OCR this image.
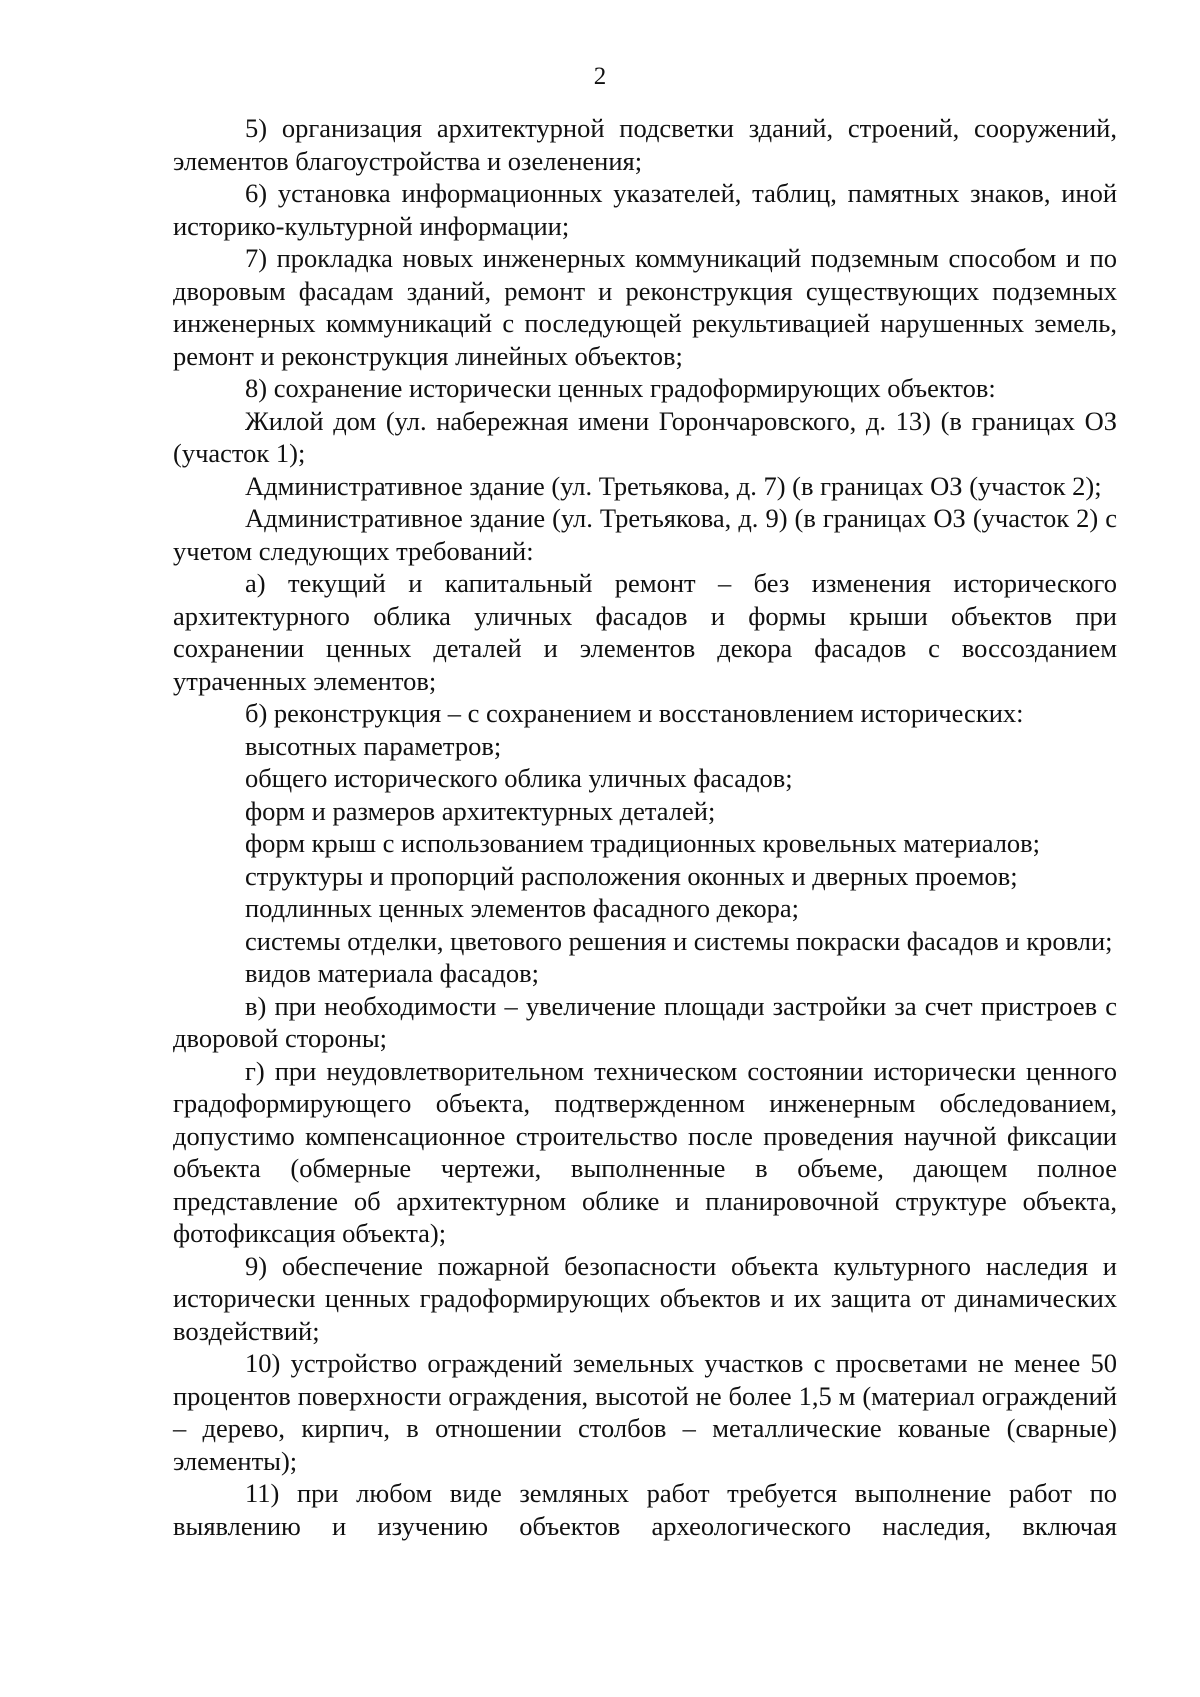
2

5) организация архитектурной подсветки зданий, строений, сооружений, элементов благоустройства и озеленения;

6) установка информационных указателей, таблиц, памятных знаков, иной историко-культурной информации;

7) прокладка новых инженерных коммуникаций подземным способом и по дворовым фасадам зданий, ремонт и реконструкция существующих подземных инженерных коммуникаций с последующей рекультивацией нарушенных земель, ремонт и реконструкция линейных объектов;

8) сохранение исторически ценных градоформирующих объектов:

Жилой дом (ул. набережная имени Горончаровского, д. 13) (в границах ОЗ (участок 1);

Административное здание (ул. Третьякова, д. 7) (в границах ОЗ (участок 2);

Административное здание (ул. Третьякова, д. 9) (в границах ОЗ (участок 2) с учетом следующих требований:

а) текущий и капитальный ремонт – без изменения исторического архитектурного облика уличных фасадов и формы крыши объектов при сохранении ценных деталей и элементов декора фасадов с воссозданием утраченных элементов;

б) реконструкция – с сохранением и восстановлением исторических:

высотных параметров;

общего исторического облика уличных фасадов;

форм и размеров архитектурных деталей;

форм крыш с использованием традиционных кровельных материалов;

структуры и пропорций расположения оконных и дверных проемов;

подлинных ценных элементов фасадного декора;

системы отделки, цветового решения и системы покраски фасадов и кровли;

видов материала фасадов;

в) при необходимости – увеличение площади застройки за счет пристроев с дворовой стороны;

г) при неудовлетворительном техническом состоянии исторически ценного градоформирующего объекта, подтвержденном инженерным обследованием, допустимо компенсационное строительство после проведения научной фиксации объекта (обмерные чертежи, выполненные в объеме, дающем полное представление об архитектурном облике и планировочной структуре объекта, фотофиксация объекта);

9) обеспечение пожарной безопасности объекта культурного наследия и исторически ценных градоформирующих объектов и их защита от динамических воздействий;

10) устройство ограждений земельных участков с просветами не менее 50 процентов поверхности ограждения, высотой не более 1,5 м (материал ограждений – дерево, кирпич, в отношении столбов – металлические кованые (сварные) элементы);

11) при любом виде земляных работ требуется выполнение работ по выявлению и изучению объектов археологического наследия, включая
